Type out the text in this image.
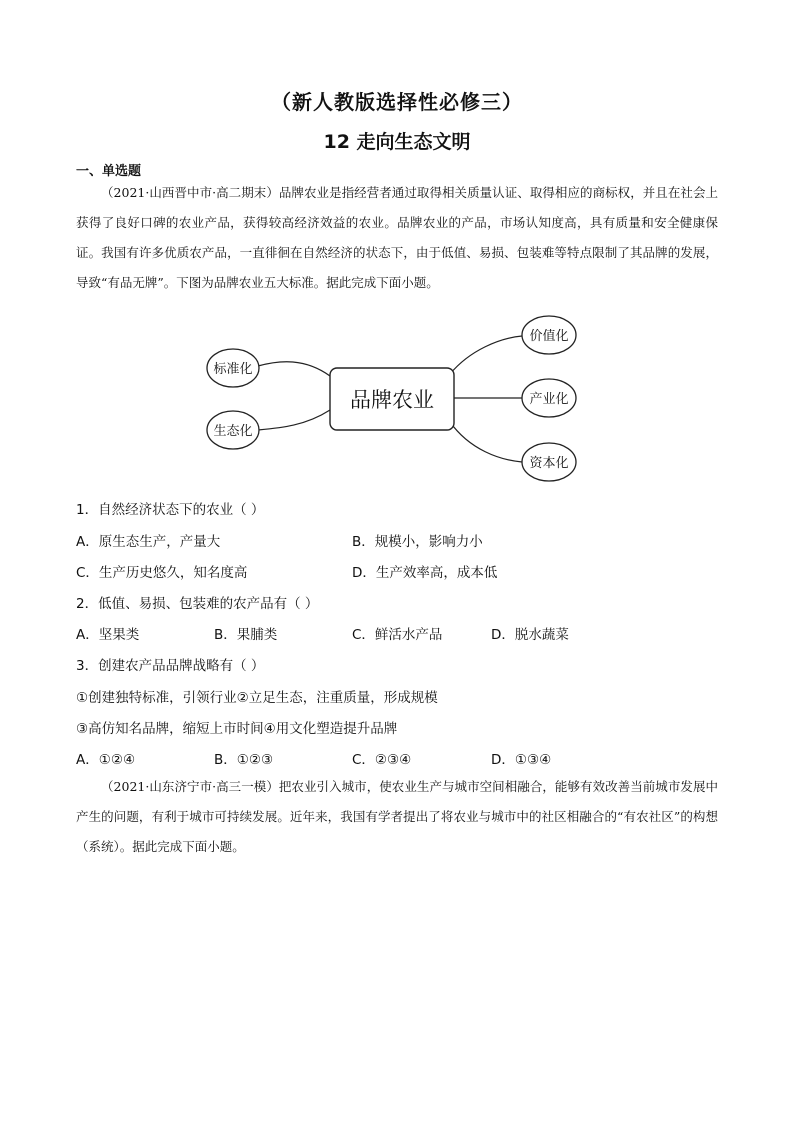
（新人教版选择性必修三）
12 走向生态文明
一、单选题

（2021·山西晋中市·高二期末）品牌农业是指经营者通过取得相关质量认证、取得相应的商标权，并且在社会上获得了良好口碑的农业产品，获得较高经济效益的农业。品牌农业的产品，市场认知度高，具有质量和安全健康保证。我国有许多优质农产品，一直徘徊在自然经济的状态下，由于低值、易损、包装难等特点限制了其品牌的发展，导致“有品无牌”。下图为品牌农业五大标准。据此完成下面小题。

品牌农业
标准化
生态化
价值化
产业化
资本化
1．自然经济状态下的农业（ ）
A．原生态生产，产量大	B．规模小，影响力小
C．生产历史悠久，知名度高	D．生产效率高，成本低
2．低值、易损、包装难的农产品有（ ）
A．坚果类	B．果脯类	C．鲜活水产品	D．脱水蔬菜
3．创建农产品品牌战略有（ ）
①创建独特标准，引领行业②立足生态，注重质量，形成规模
③高仿知名品牌，缩短上市时间④用文化塑造提升品牌
A．①②④	B．①②③	C．②③④	D．①③④

（2021·山东济宁市·高三一模）把农业引入城市，使农业生产与城市空间相融合，能够有效改善当前城市发展中产生的问题，有利于城市可持续发展。近年来，我国有学者提出了将农业与城市中的社区相融合的“有农社区”的构想（系统）。据此完成下面小题。
